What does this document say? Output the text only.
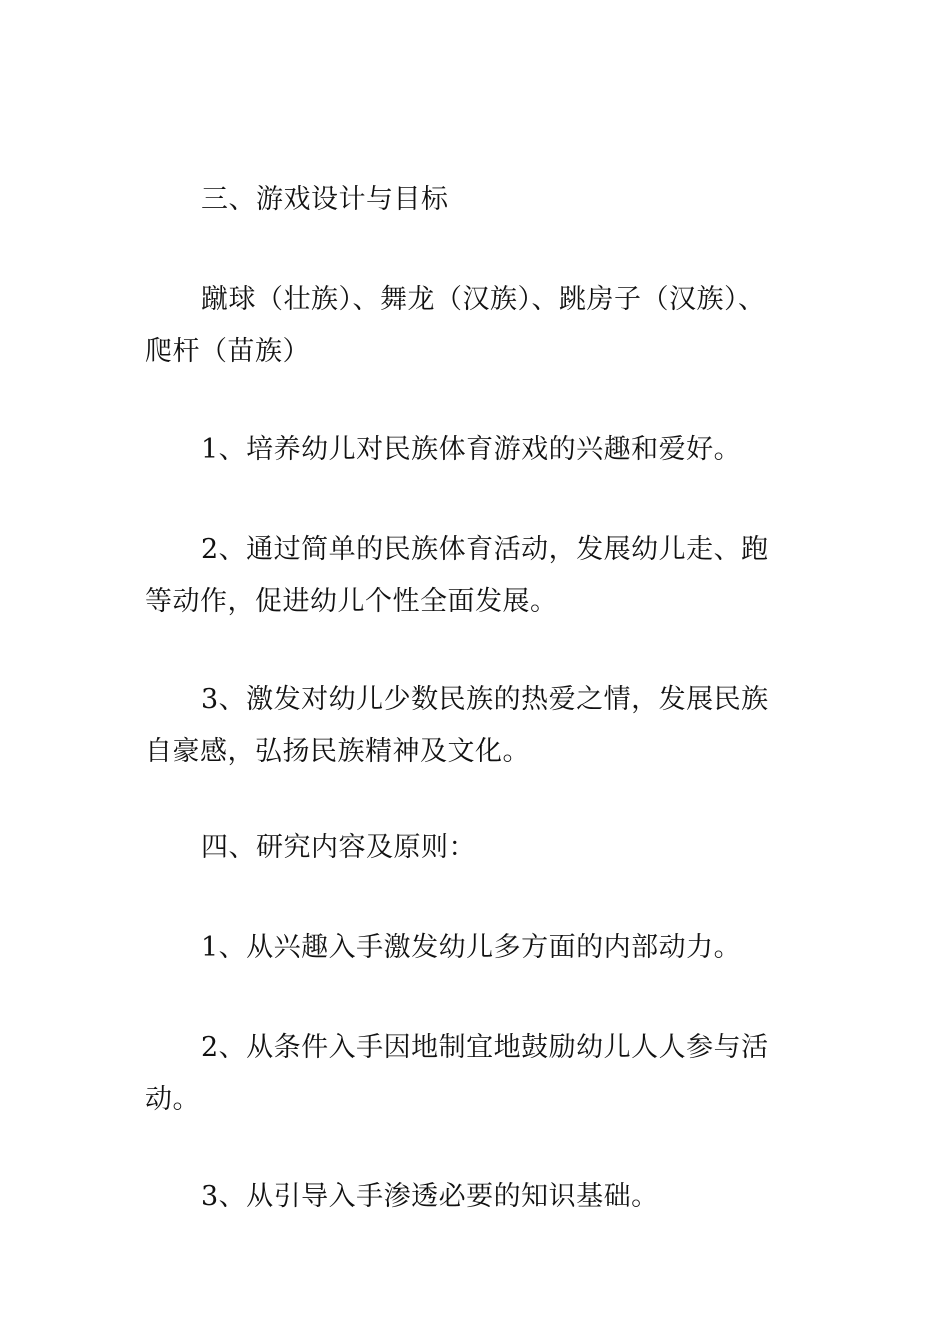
三、游戏设计与目标

蹴球（壮族）、舞龙（汉族）、跳房子（汉族）、
爬杆（苗族）

1、培养幼儿对民族体育游戏的兴趣和爱好。

2、通过简单的民族体育活动，发展幼儿走、跑
等动作，促进幼儿个性全面发展。

3、激发对幼儿少数民族的热爱之情，发展民族
自豪感，弘扬民族精神及文化。

四、研究内容及原则：

1、从兴趣入手激发幼儿多方面的内部动力。

2、从条件入手因地制宜地鼓励幼儿人人参与活
动。

3、从引导入手渗透必要的知识基础。
